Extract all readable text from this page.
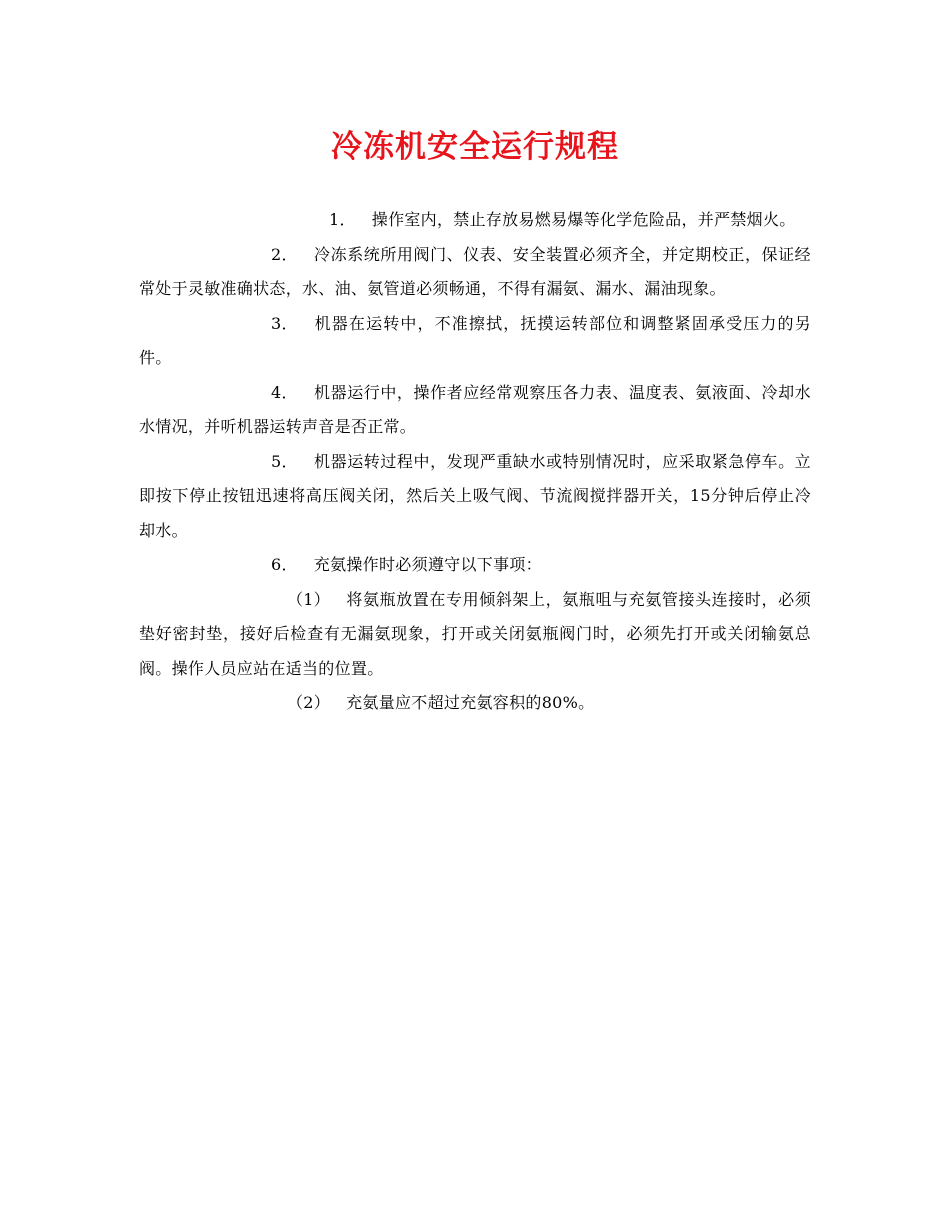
冷冻机安全运行规程

1． 操作室内，禁止存放易燃易爆等化学危险品，并严禁烟火。

2． 冷冻系统所用阀门、仪表、安全装置必须齐全，并定期校正，保证经常处于灵敏准确状态，水、油、氨管道必须畅通，不得有漏氨、漏水、漏油现象。

3． 机器在运转中，不准擦拭，抚摸运转部位和调整紧固承受压力的另件。

4． 机器运行中，操作者应经常观察压各力表、温度表、氨液面、冷却水水情况，并听机器运转声音是否正常。

5． 机器运转过程中，发现严重缺水或特别情况时，应采取紧急停车。立即按下停止按钮迅速将高压阀关闭，然后关上吸气阀、节流阀搅拌器开关，15分钟后停止冷却水。

6． 充氨操作时必须遵守以下事项：

（1） 将氨瓶放置在专用倾斜架上，氨瓶咀与充氨管接头连接时，必须垫好密封垫，接好后检查有无漏氨现象，打开或关闭氨瓶阀门时，必须先打开或关闭输氨总阀。操作人员应站在适当的位置。

（2） 充氨量应不超过充氨容积的80%。
